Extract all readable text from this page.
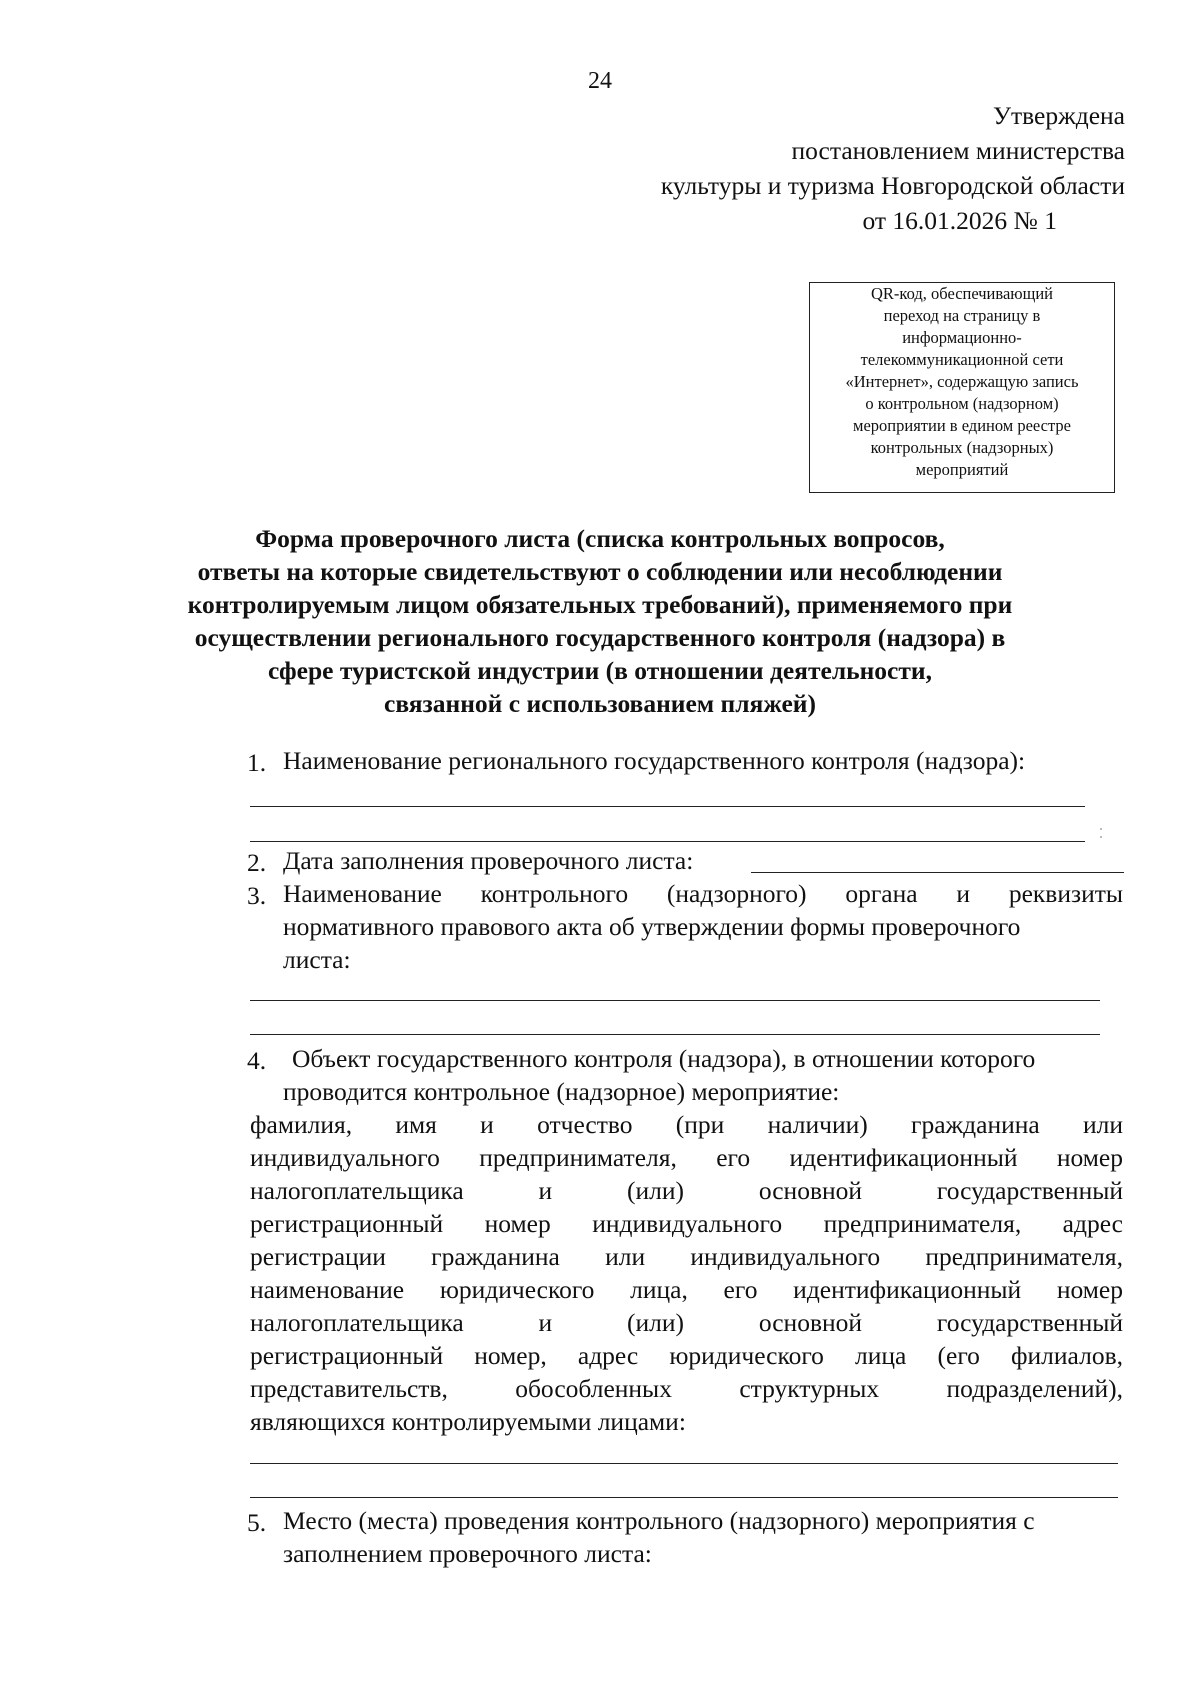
24
Утверждена
постановлением министерства
культуры и туризма Новгородской области
от 16.01.2026 № 1
QR-код, обеспечивающий
переход на страницу в
информационно-
телекоммуникационной сети
«Интернет», содержащую запись
о контрольном (надзорном)
мероприятии в едином реестре
контрольных (надзорных)
мероприятий
Форма проверочного листа (списка контрольных вопросов,
ответы на которые свидетельствуют о соблюдении или несоблюдении
контролируемым лицом обязательных требований), применяемого при
осуществлении регионального государственного контроля (надзора) в
сфере туристской индустрии (в отношении деятельности,
связанной с использованием пляжей)
1. Наименование регионального государственного контроля (надзора):
2. Дата заполнения проверочного листа:
3. Наименование контрольного (надзорного) органа и реквизиты
нормативного правового акта об утверждении формы проверочного
листа:
4. Объект государственного контроля (надзора), в отношении которого
проводится контрольное (надзорное) мероприятие:
фамилия, имя и отчество (при наличии) гражданина или
индивидуального предпринимателя, его идентификационный номер
налогоплательщика и (или) основной государственный
регистрационный номер индивидуального предпринимателя, адрес
регистрации гражданина или индивидуального предпринимателя,
наименование юридического лица, его идентификационный номер
налогоплательщика и (или) основной государственный
регистрационный номер, адрес юридического лица (его филиалов,
представительств, обособленных структурных подразделений),
являющихся контролируемыми лицами:
5. Место (места) проведения контрольного (надзорного) мероприятия с
заполнением проверочного листа:
